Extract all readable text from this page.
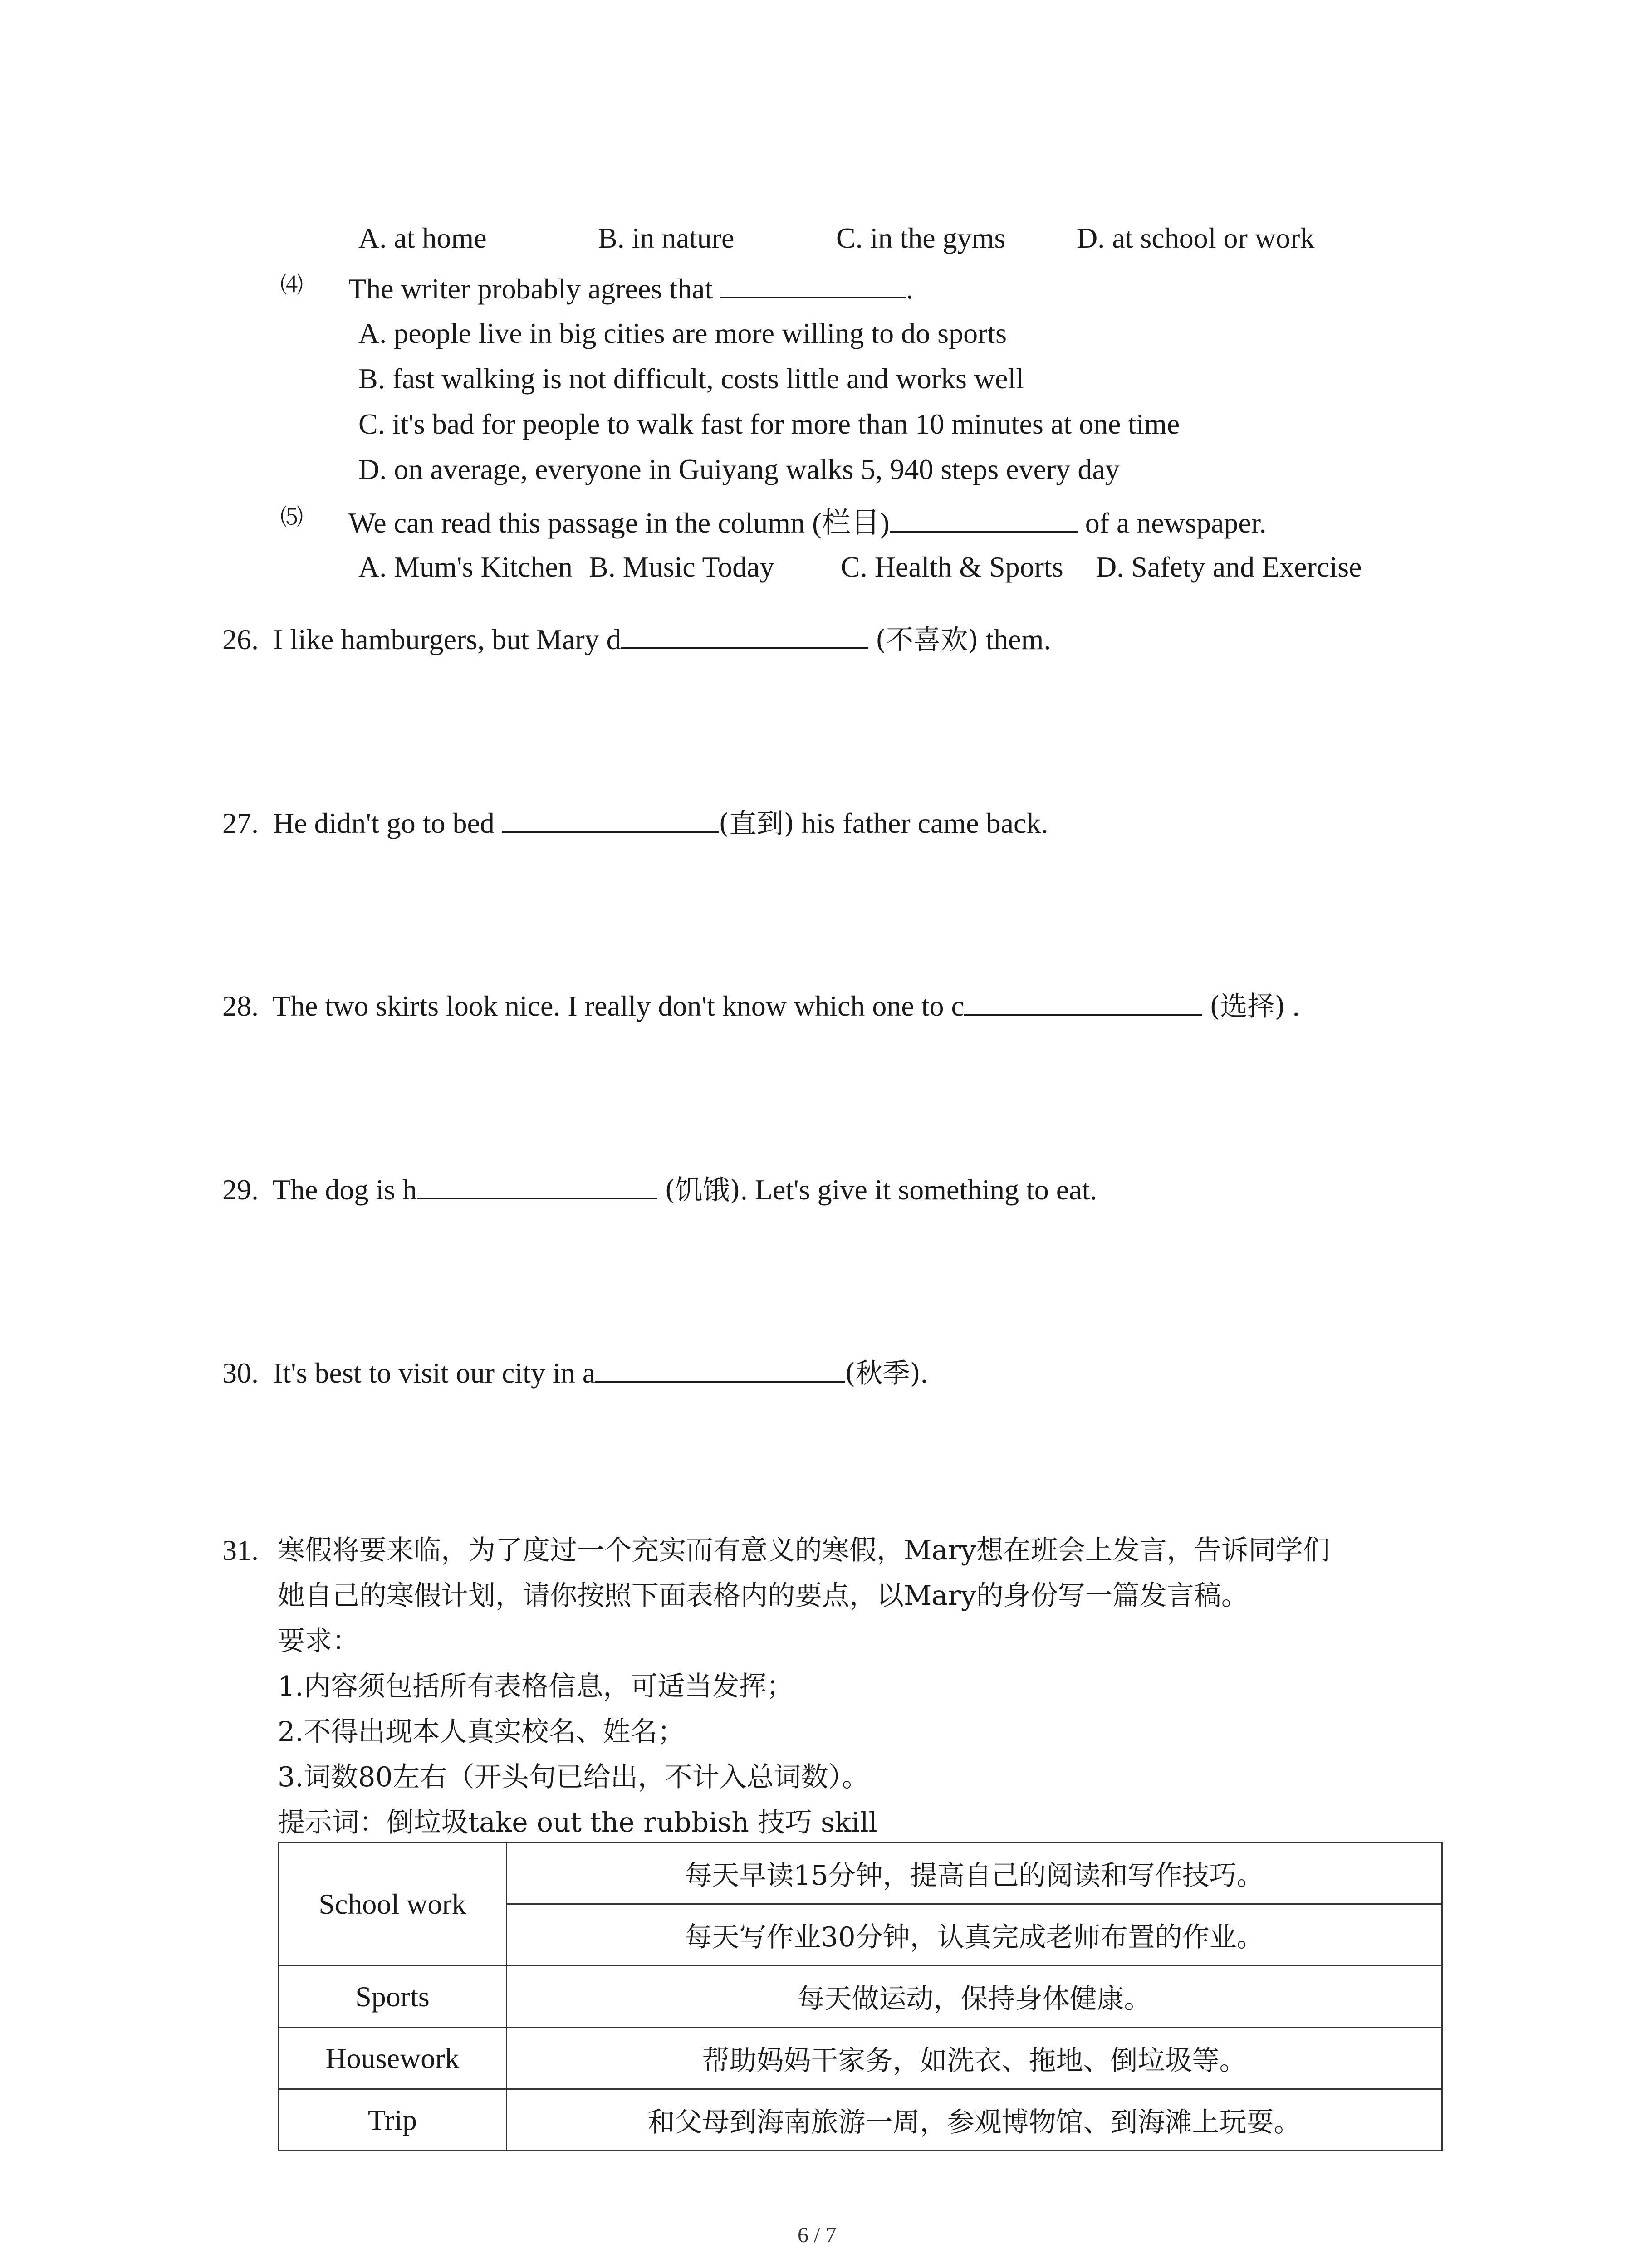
A. at home	B. in nature	C. in the gyms D. at school or work
⑷ The writer probably agrees that	.
A. people live in big cities are more willing to do sports
B. fast walking is not difficult, costs little and works well
C. it's bad for people to walk fast for more than 10 minutes at one time
D. on average, everyone in Guiyang walks 5, 940 steps every day
⑸ We can read this passage in the column (栏目)	of a newspaper.
A. Mum's Kitchen B. Music Today C. Health & Sports D. Safety and Exercise
26. I like hamburgers, but Mary d	(不喜欢) them.
27. He didn't go to bed	(直到) his father came back.
28. The two skirts look nice. I really don't know which one to c	(选择) .
29. The dog is h	(饥饿). Let's give it something to eat.
30. It's best to visit our city in a	(秋季).
31. 寒假将要来临，为了度过一个充实而有意义的寒假，Mary想在班会上发言，告诉同学们
她自己的寒假计划，请你按照下面表格内的要点，以Mary的身份写一篇发言稿。
要求：
1.内容须包括所有表格信息，可适当发挥；
2.不得出现本人真实校名、姓名；
3.词数80左右（开头句已给出，不计入总词数）。
提示词：倒垃圾take out the rubbish 技巧 skill
School work	每天早读15分钟，提高自己的阅读和写作技巧。
	每天写作业30分钟，认真完成老师布置的作业。
Sports	每天做运动，保持身体健康。
Housework	帮助妈妈干家务，如洗衣、拖地、倒垃圾等。
Trip	和父母到海南旅游一周，参观博物馆、到海滩上玩耍。
6 / 7
